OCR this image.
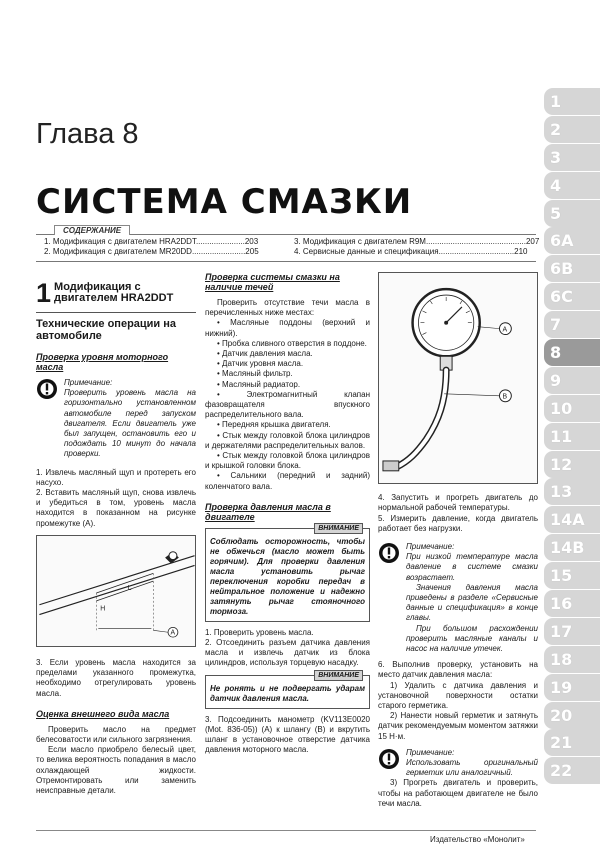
Глава 8
СИСТЕМА СМАЗКИ
СОДЕРЖАНИЕ
1. Модификация с двигателем HRA2DDT......................203
2. Модификация с двигателем MR20DD........................205
3. Модификация с двигателем R9M.............................................207
4. Сервисные данные и спецификация..................................210
1
2
3
4
5
6A
6B
6C
7
8
9
10
11
12
13
14A
14B
15
16
17
18
19
20
21
22
1 Модификация с двигателем HRA2DDT
Технические операции на автомобиле
Проверка уровня моторного масла
Примечание:
Проверить уровень масла на горизонтально установленном автомобиле перед запуском двигателя. Если двигатель уже был запущен, остановить его и подождать 10 минут до начала проверки.
1. Извлечь масляный щуп и протереть его насухо.
2. Вставить масляный щуп, снова извлечь и убедиться в том, уровень масла находится в показанном на рисунке промежутке (A).
L
H
A
3. Если уровень масла находится за пределами указанного промежутка, необходимо отрегулировать уровень масла.
Оценка внешнего вида масла
Проверить масло на предмет белесоватости или сильного загрязнения.
Если масло приобрело белесый цвет, то велика вероятность попадания в масло охлаждающей жидкости. Отремонтировать или заменить неисправные детали.
Проверка системы смазки на наличие течей
Проверить отсутствие течи масла в перечисленных ниже местах:
• Масляные поддоны (верхний и нижний).
• Пробка сливного отверстия в поддоне.
• Датчик давления масла.
• Датчик уровня масла.
• Масляный фильтр.
• Масляный радиатор.
• Электромагнитный клапан фазовращателя впускного распределительного вала.
• Передняя крышка двигателя.
• Стык между головкой блока цилиндров и держателями распределительных валов.
• Стык между головкой блока цилиндров и крышкой головки блока.
• Сальники (передний и задний) коленчатого вала.
Проверка давления масла в двигателе
ВНИМАНИЕ
Соблюдать осторожность, чтобы не обжечься (масло может быть горячим). Для проверки давления масла установить рычаг переключения коробки передач в нейтральное положение и надежно затянуть рычаг стояночного тормоза.
1. Проверить уровень масла.
2. Отсоединить разъем датчика давления масла и извлечь датчик из блока цилиндров, используя торцевую насадку.
ВНИМАНИЕ
Не ронять и не подвергать ударам датчик давления масла.
3. Подсоединить манометр (KV113E0020 (Mot. 836-05)) (A) к шлангу (B) и вкрутить шланг в установочное отверстие датчика давления моторного масла.
A
B
4. Запустить и прогреть двигатель до нормальной рабочей температуры.
5. Измерить давление, когда двигатель работает без нагрузки.
Примечание:
При низкой температуре масла давление в системе смазки возрастает.
Значения давления масла приведены в разделе «Сервисные данные и спецификация» в конце главы.
При большом расхождении проверить масляные каналы и насос на наличие утечек.
6. Выполнив проверку, установить на место датчик давления масла:
1) Удалить с датчика давления и установочной поверхности остатки старого герметика.
2) Нанести новый герметик и затянуть датчик рекомендуемым моментом затяжки 15 Н·м.
Примечание:
Использовать оригинальный герметик или аналогичный.
3) Прогреть двигатель и проверить, чтобы на работающем двигателе не было течи масла.
Издательство «Монолит»
